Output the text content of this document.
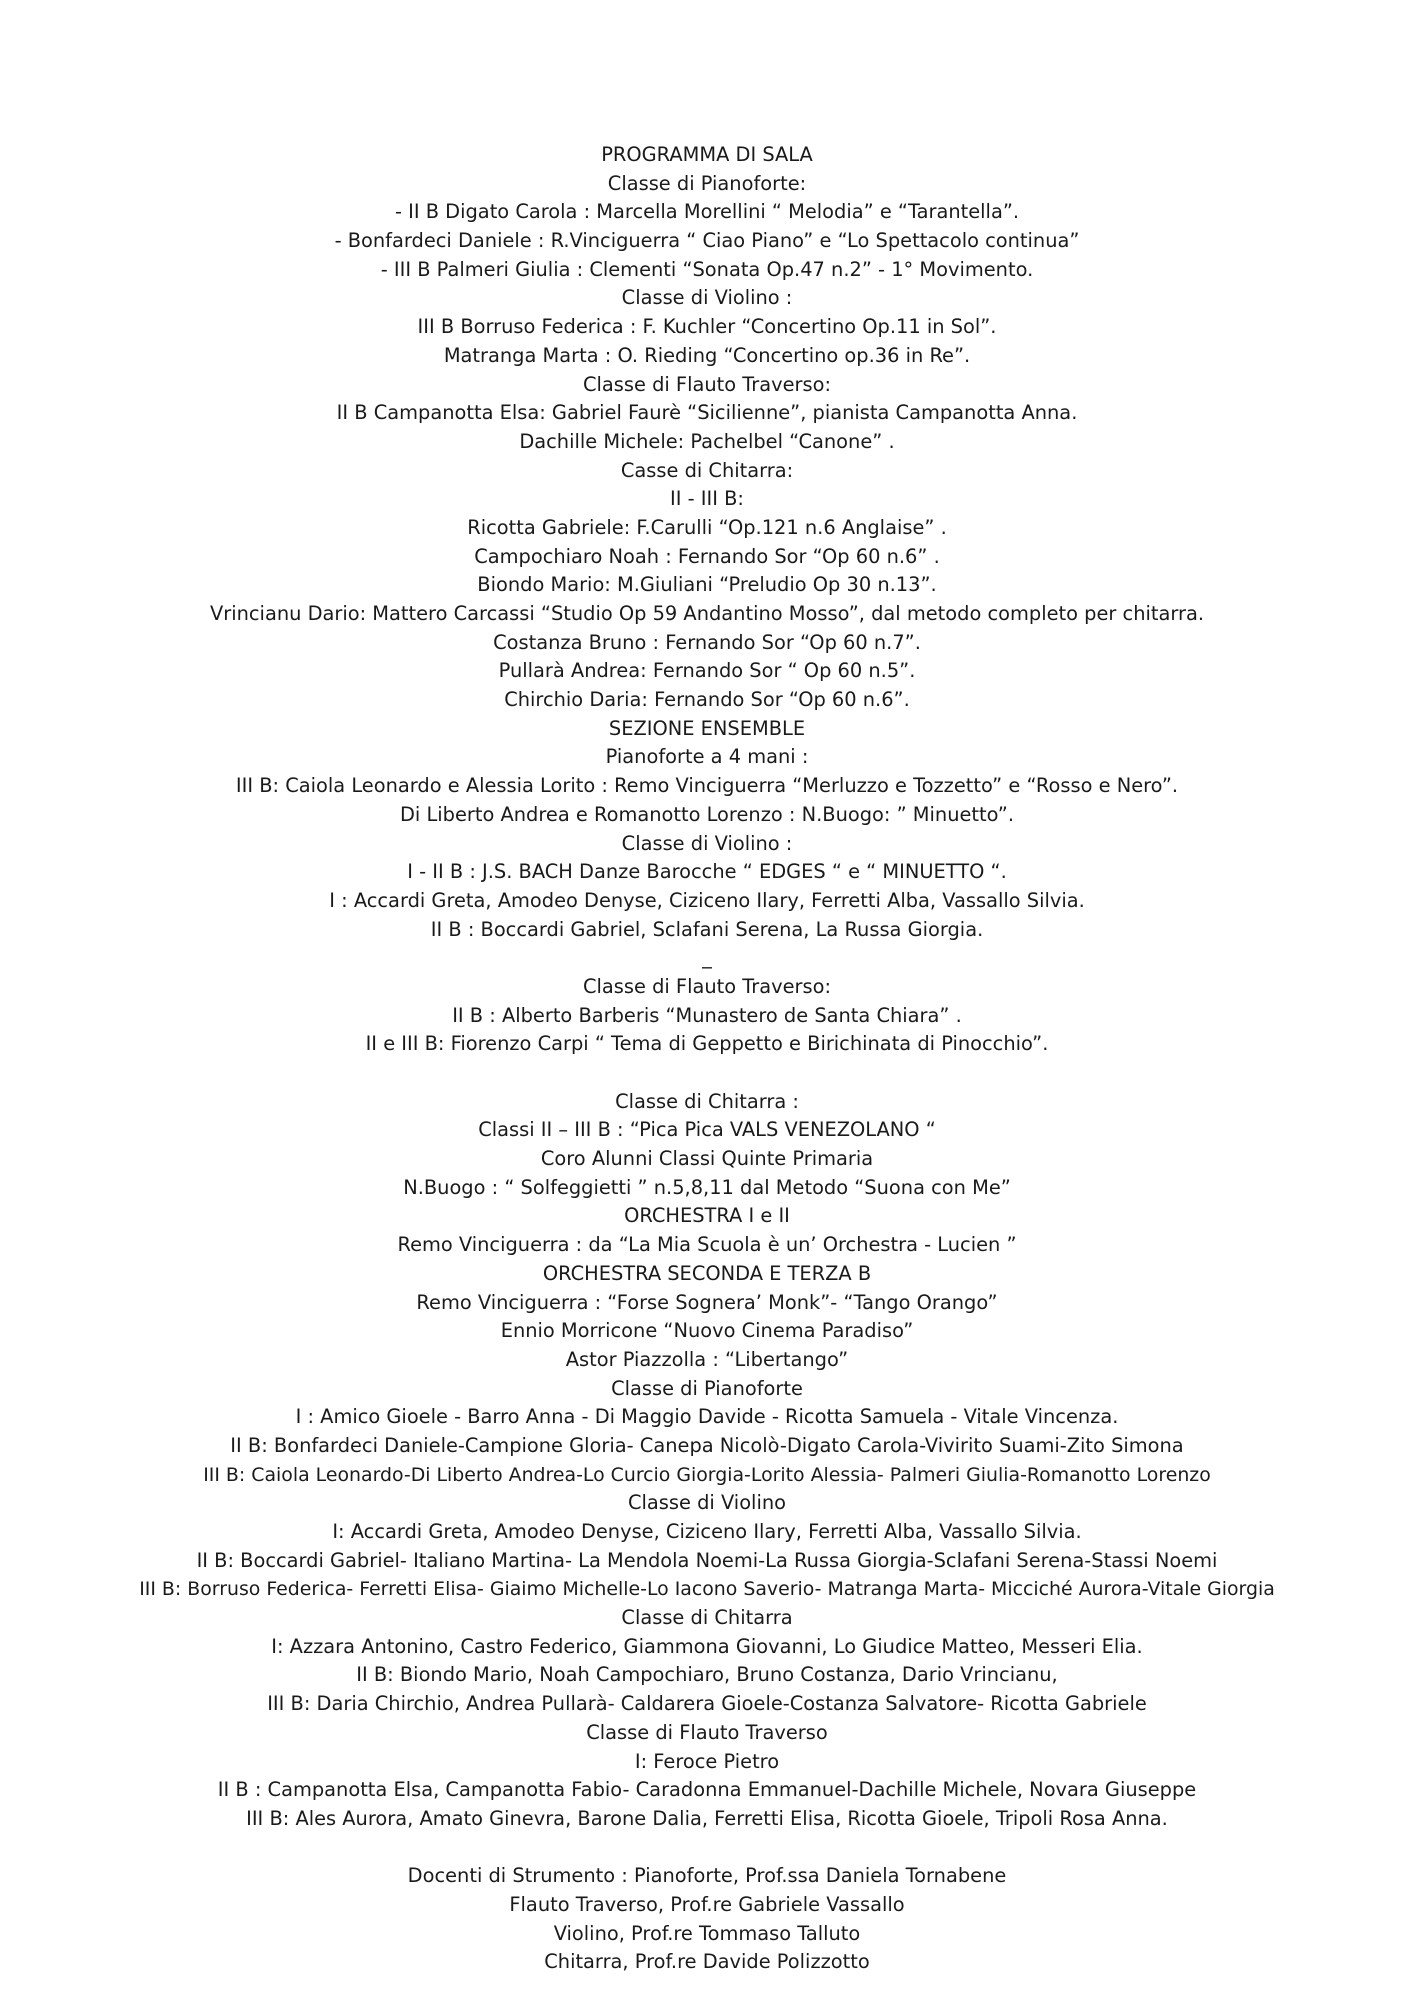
PROGRAMMA DI SALA
Classe di Pianoforte:
- II B Digato Carola : Marcella Morellini “ Melodia” e “Tarantella”.
- Bonfardeci Daniele : R.Vinciguerra “ Ciao Piano” e “Lo Spettacolo continua”
- III B Palmeri Giulia : Clementi “Sonata Op.47 n.2” - 1° Movimento.
Classe di Violino :
III B Borruso Federica : F. Kuchler “Concertino Op.11 in Sol”.
Matranga Marta : O. Rieding “Concertino op.36 in Re”.
Classe di Flauto Traverso:
II B Campanotta Elsa: Gabriel Faurè “Sicilienne”, pianista Campanotta Anna.
Dachille Michele: Pachelbel “Canone” .
Casse di Chitarra:
II - III B:
Ricotta Gabriele: F.Carulli “Op.121 n.6 Anglaise” .
Campochiaro Noah : Fernando Sor “Op 60 n.6” .
Biondo Mario: M.Giuliani “Preludio Op 30 n.13”.
Vrincianu Dario: Mattero Carcassi “Studio Op 59 Andantino Mosso”, dal metodo completo per chitarra.
Costanza Bruno : Fernando Sor “Op 60 n.7”.
Pullarà Andrea: Fernando Sor “ Op 60 n.5”.
Chirchio Daria: Fernando Sor “Op 60 n.6”.
SEZIONE ENSEMBLE
Pianoforte a 4 mani :
III B: Caiola Leonardo e Alessia Lorito : Remo Vinciguerra “Merluzzo e Tozzetto” e “Rosso e Nero”.
Di Liberto Andrea e Romanotto Lorenzo : N.Buogo: ” Minuetto”.
Classe di Violino :
I - II B : J.S. BACH Danze Barocche “ EDGES “ e “ MINUETTO “.
I : Accardi Greta, Amodeo Denyse, Ciziceno Ilary, Ferretti Alba, Vassallo Silvia.
II B : Boccardi Gabriel, Sclafani Serena, La Russa Giorgia.
_
Classe di Flauto Traverso:
II B : Alberto Barberis “Munastero de Santa Chiara” .
II e III B: Fiorenzo Carpi “ Tema di Geppetto e Birichinata di Pinocchio”.
Classe di Chitarra :
Classi II – III B : “Pica Pica VALS VENEZOLANO “
Coro Alunni Classi Quinte Primaria
N.Buogo : “ Solfeggietti ” n.5,8,11 dal Metodo “Suona con Me”
ORCHESTRA I e II
Remo Vinciguerra : da “La Mia Scuola è un’ Orchestra - Lucien ”
ORCHESTRA SECONDA E TERZA B
Remo Vinciguerra : “Forse Sognera’ Monk”- “Tango Orango”
Ennio Morricone “Nuovo Cinema Paradiso”
Astor Piazzolla : “Libertango”
Classe di Pianoforte
I : Amico Gioele - Barro Anna - Di Maggio Davide - Ricotta Samuela - Vitale Vincenza.
II B: Bonfardeci Daniele-Campione Gloria- Canepa Nicolò-Digato Carola-Vivirito Suami-Zito Simona
III B: Caiola Leonardo-Di Liberto Andrea-Lo Curcio Giorgia-Lorito Alessia- Palmeri Giulia-Romanotto Lorenzo
Classe di Violino
I: Accardi Greta, Amodeo Denyse, Ciziceno Ilary, Ferretti Alba, Vassallo Silvia.
II B: Boccardi Gabriel- Italiano Martina- La Mendola Noemi-La Russa Giorgia-Sclafani Serena-Stassi Noemi
III B: Borruso Federica- Ferretti Elisa- Giaimo Michelle-Lo Iacono Saverio- Matranga Marta- Micciché Aurora-Vitale Giorgia
Classe di Chitarra
I: Azzara Antonino, Castro Federico, Giammona Giovanni, Lo Giudice Matteo, Messeri Elia.
II B: Biondo Mario, Noah Campochiaro, Bruno Costanza, Dario Vrincianu,
III B: Daria Chirchio, Andrea Pullarà- Caldarera Gioele-Costanza Salvatore- Ricotta Gabriele
Classe di Flauto Traverso
I: Feroce Pietro
II B : Campanotta Elsa, Campanotta Fabio- Caradonna Emmanuel-Dachille Michele, Novara Giuseppe
III B: Ales Aurora, Amato Ginevra, Barone Dalia, Ferretti Elisa, Ricotta Gioele, Tripoli Rosa Anna.
Docenti di Strumento : Pianoforte, Prof.ssa Daniela Tornabene
Flauto Traverso, Prof.re Gabriele Vassallo
Violino, Prof.re Tommaso Talluto
Chitarra, Prof.re Davide Polizzotto
